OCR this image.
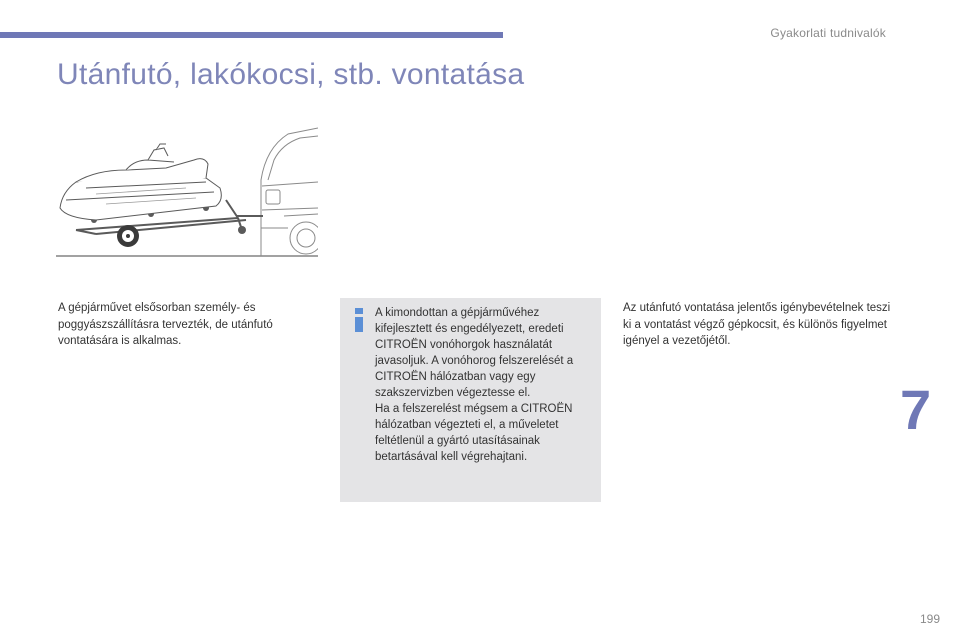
Gyakorlati tudnivalók
Utánfutó, lakókocsi, stb. vontatása
A gépjárművet elsősorban személy- és poggyászszállításra tervezték, de utánfutó vontatására is alkalmas.
A kimondottan a gépjárművéhez kifejlesztett és engedélyezett, eredeti CITROËN vonóhorgok használatát javasoljuk. A vonóhorog felszerelését a CITROËN hálózatban vagy egy szakszervizben végeztesse el.
Ha a felszerelést mégsem a CITROËN hálózatban végezteti el, a műveletet feltétlenül a gyártó utasításainak betartásával kell végrehajtani.
Az utánfutó vontatása jelentős igénybevételnek teszi ki a vontatást végző gépkocsit, és különös figyelmet igényel a vezetőjétől.
7
199
